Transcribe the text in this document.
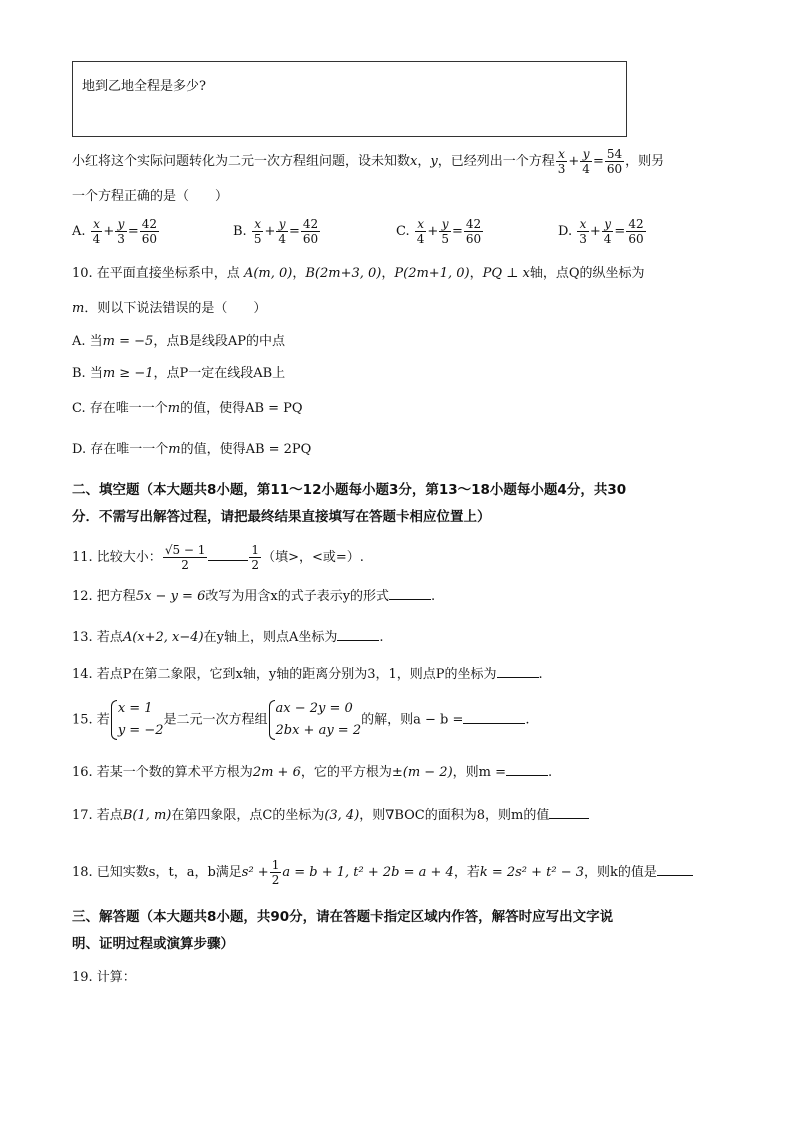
地到乙地全程是多少?
小红将这个实际问题转化为二元一次方程组问题，设未知数x，y，已经列出一个方程 $\frac{x}{3} + \frac{y}{4} = \frac{54}{60}$ ，则另
一个方程正确的是（　　）
A. $\frac{x}{4} + \frac{y}{3} = \frac{42}{60}$	B. $\frac{x}{5} + \frac{y}{4} = \frac{42}{60}$	C. $\frac{x}{4} + \frac{y}{5} = \frac{42}{60}$	D. $\frac{x}{3} + \frac{y}{4} = \frac{42}{60}$
10. 在平面直接坐标系中，点 A(m, 0)，B(2m+3, 0)，P(2m+1, 0)，PQ ⊥ x轴，点Q的纵坐标为
m．则以下说法错误的是（　　）
A. 当m = −5，点B是线段AP的中点
B. 当m ≥ −1，点P一定在线段AB上
C. 存在唯一一个m的值，使得AB = PQ
D. 存在唯一一个m的值，使得AB = 2PQ
二、填空题（本大题共8小题，第11～12小题每小题3分，第13～18小题每小题4分，共30
分．不需写出解答过程，请把最终结果直接填写在答题卡相应位置上）
11. 比较大小： $\frac{√5 - 1}{2}$	$\frac{1}{2}$ （填>，<或=）.
12. 把方程5x − y = 6改写为用含x的式子表示y的形式	.
13. 若点A(x+2, x−4)在y轴上，则点A坐标为	.
14. 若点P在第二象限，它到x轴，y轴的距离分别为3，1，则点P的坐标为	.
15. 若
x = 1
y = −2
是二元一次方程组
ax − 2y = 0
2bx + ay = 2
的解，则a − b =	.
16. 若某一个数的算术平方根为2m + 6，它的平方根为±(m − 2)，则m =	.
17. 若点B(1, m)在第四象限，点C的坐标为(3, 4)，则∇BOC的面积为8，则m的值
18. 已知实数s，t，a，b满足$s^2 + \frac{1}{2}$ a = b + 1, t² + 2b = a + 4，若k = 2s² + t² − 3，则k的值是
三、解答题（本大题共8小题，共90分，请在答题卡指定区域内作答，解答时应写出文字说
明、证明过程或演算步骤）
19. 计算：
